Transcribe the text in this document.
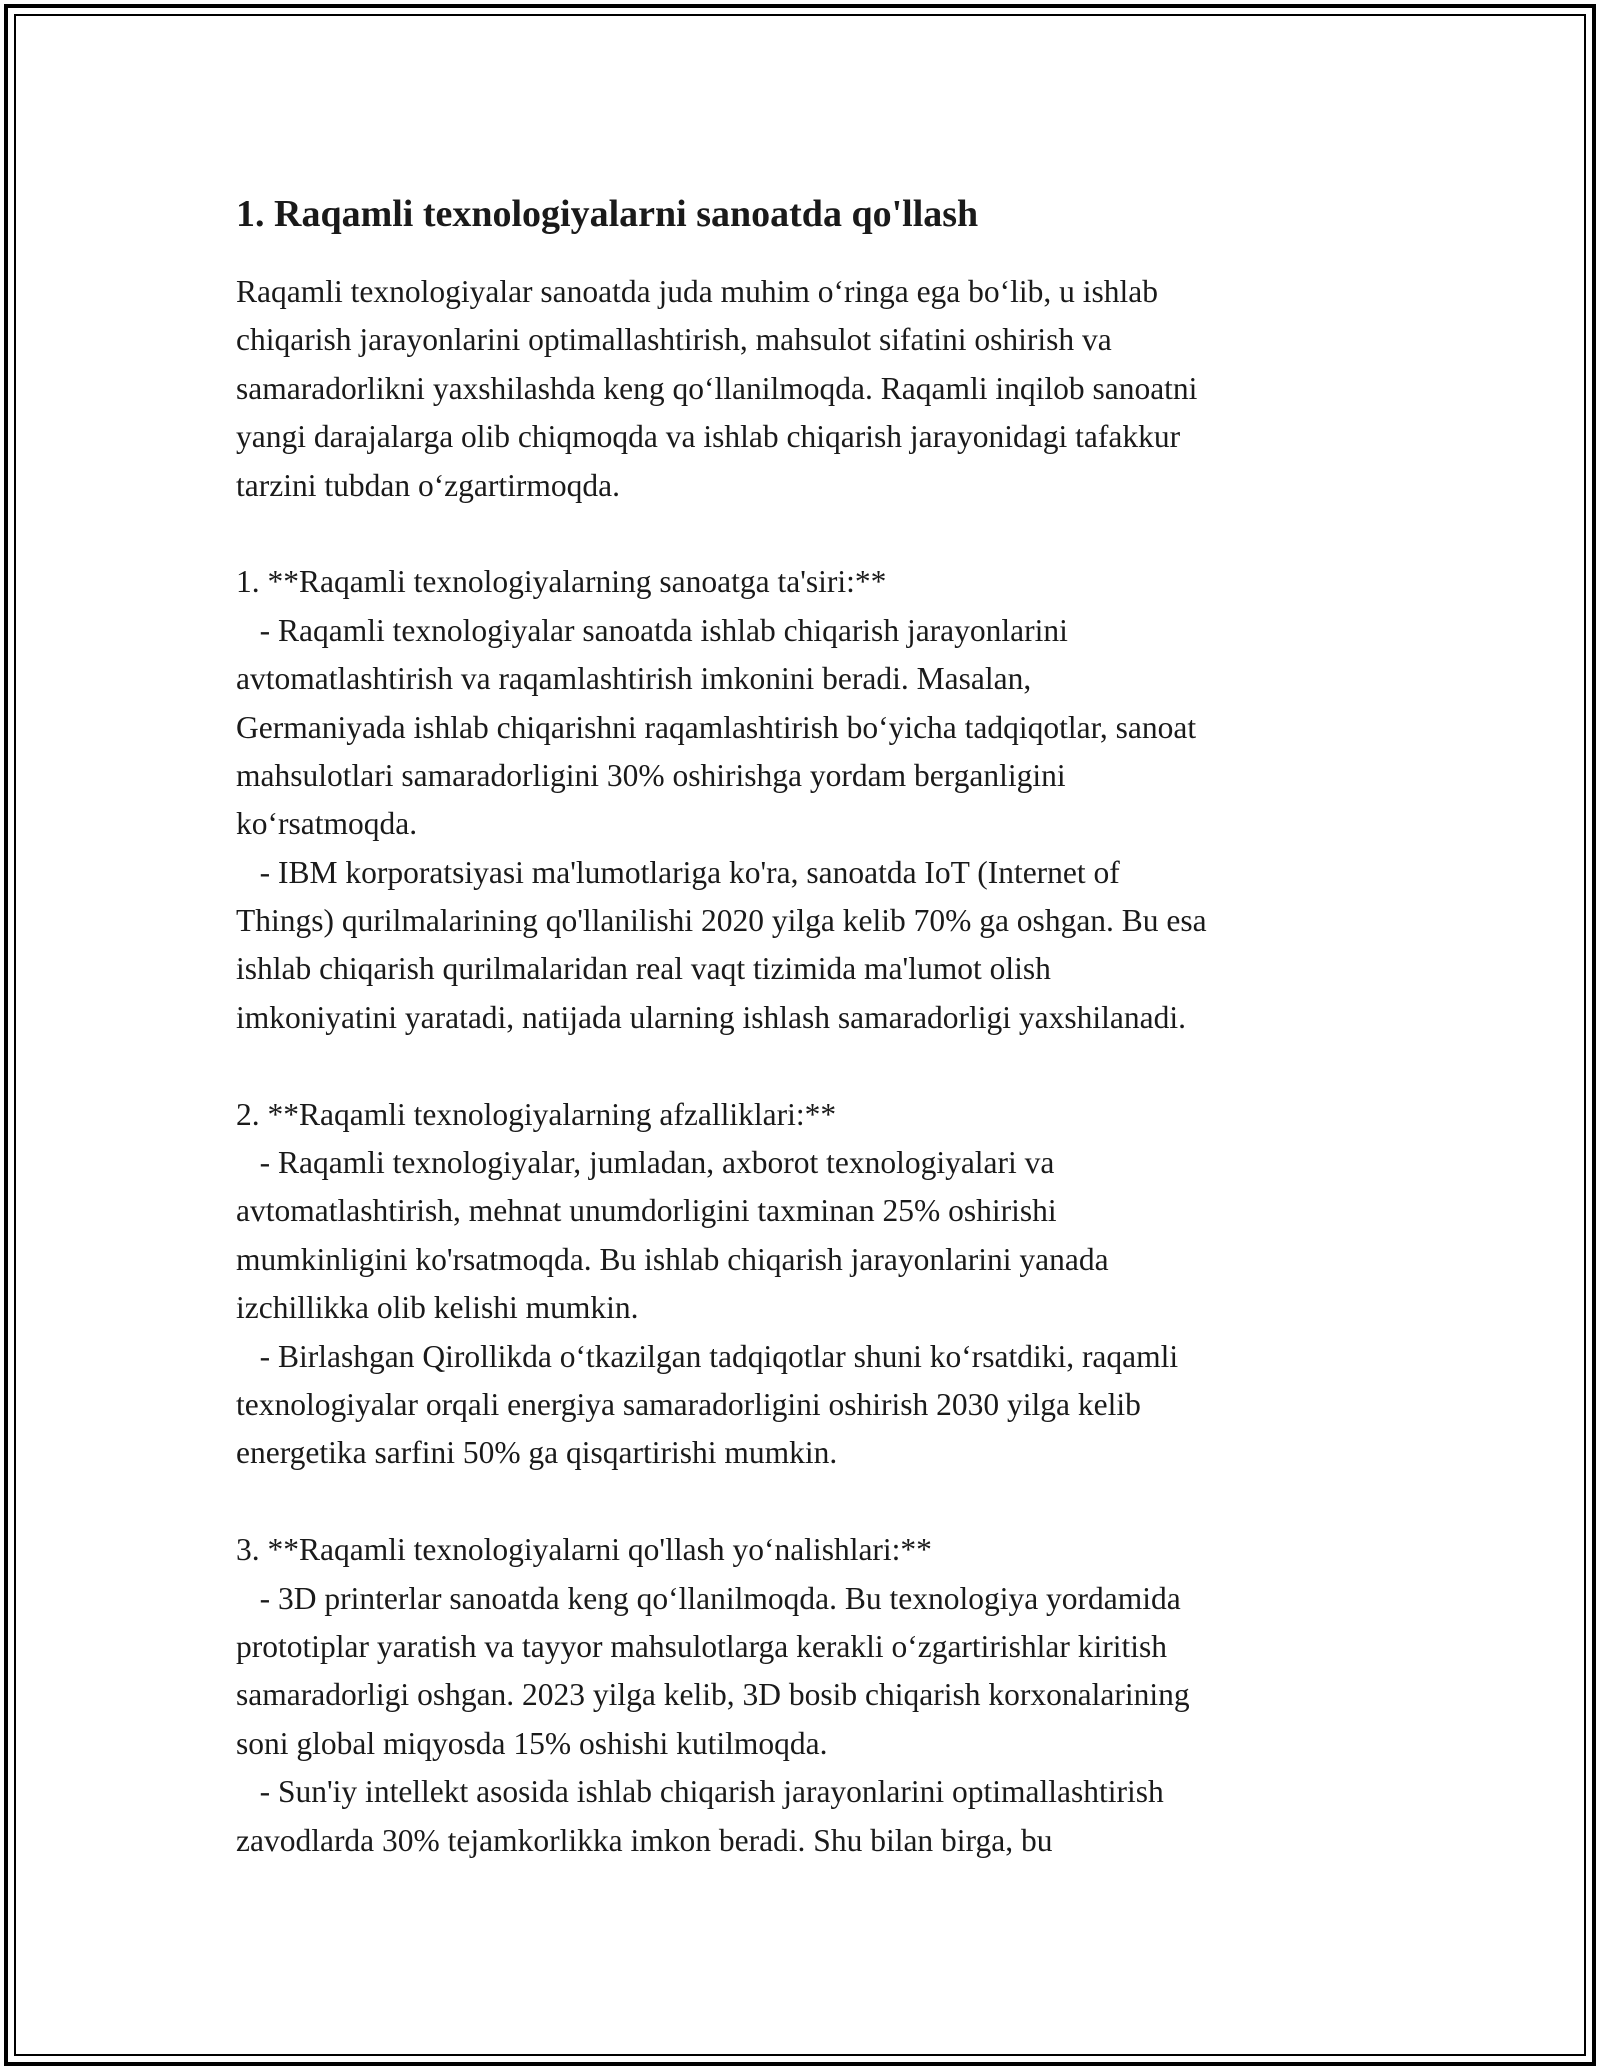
1. Raqamli texnologiyalarni sanoatda qo'llash
Raqamli texnologiyalar sanoatda juda muhim oʻringa ega boʻlib, u ishlab
chiqarish jarayonlarini optimallashtirish, mahsulot sifatini oshirish va
samaradorlikni yaxshilashda keng qoʻllanilmoqda. Raqamli inqilob sanoatni
yangi darajalarga olib chiqmoqda va ishlab chiqarish jarayonidagi tafakkur
tarzini tubdan oʻzgartirmoqda.
1. **Raqamli texnologiyalarning sanoatga ta'siri:**
- Raqamli texnologiyalar sanoatda ishlab chiqarish jarayonlarini
avtomatlashtirish va raqamlashtirish imkonini beradi. Masalan,
Germaniyada ishlab chiqarishni raqamlashtirish boʻyicha tadqiqotlar, sanoat
mahsulotlari samaradorligini 30% oshirishga yordam berganligini
koʻrsatmoqda.
- IBM korporatsiyasi ma'lumotlariga ko'ra, sanoatda IoT (Internet of
Things) qurilmalarining qo'llanilishi 2020 yilga kelib 70% ga oshgan. Bu esa
ishlab chiqarish qurilmalaridan real vaqt tizimida ma'lumot olish
imkoniyatini yaratadi, natijada ularning ishlash samaradorligi yaxshilanadi.
2. **Raqamli texnologiyalarning afzalliklari:**
- Raqamli texnologiyalar, jumladan, axborot texnologiyalari va
avtomatlashtirish, mehnat unumdorligini taxminan 25% oshirishi
mumkinligini ko'rsatmoqda. Bu ishlab chiqarish jarayonlarini yanada
izchillikka olib kelishi mumkin.
- Birlashgan Qirollikda oʻtkazilgan tadqiqotlar shuni koʻrsatdiki, raqamli
texnologiyalar orqali energiya samaradorligini oshirish 2030 yilga kelib
energetika sarfini 50% ga qisqartirishi mumkin.
3. **Raqamli texnologiyalarni qo'llash yoʻnalishlari:**
- 3D printerlar sanoatda keng qoʻllanilmoqda. Bu texnologiya yordamida
prototiplar yaratish va tayyor mahsulotlarga kerakli oʻzgartirishlar kiritish
samaradorligi oshgan. 2023 yilga kelib, 3D bosib chiqarish korxonalarining
soni global miqyosda 15% oshishi kutilmoqda.
- Sun'iy intellekt asosida ishlab chiqarish jarayonlarini optimallashtirish
zavodlarda 30% tejamkorlikka imkon beradi. Shu bilan birga, bu
